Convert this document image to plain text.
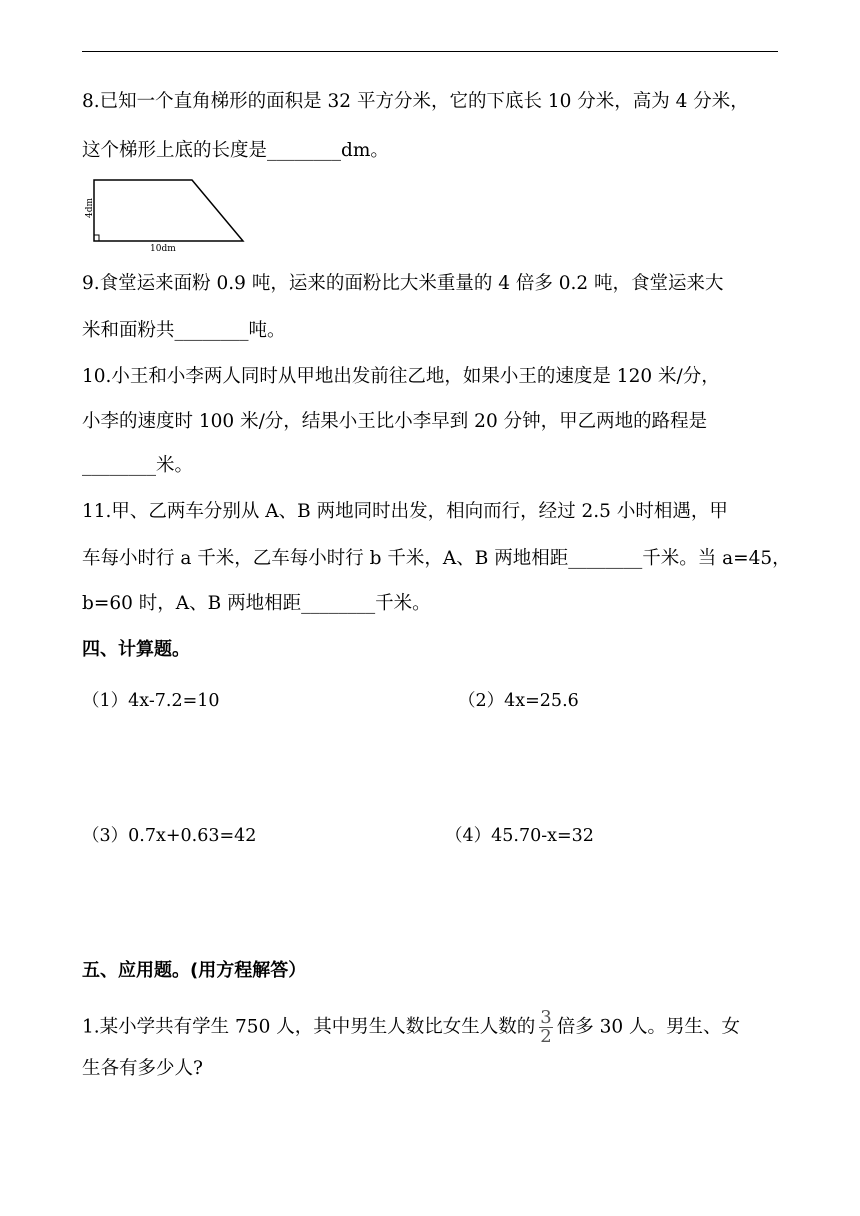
8.已知一个直角梯形的面积是 32 平方分米，它的下底长 10 分米，高为 4 分米，
这个梯形上底的长度是________dm。
4dm
10dm
9.食堂运来面粉 0.9 吨，运来的面粉比大米重量的 4 倍多 0.2 吨，食堂运来大
米和面粉共________吨。
10.小王和小李两人同时从甲地出发前往乙地，如果小王的速度是 120 米/分，
小李的速度时 100 米/分，结果小王比小李早到 20 分钟，甲乙两地的路程是
________米。
11.甲、乙两车分别从 A、B 两地同时出发，相向而行，经过 2.5 小时相遇，甲
车每小时行 a 千米，乙车每小时行 b 千米，A、B 两地相距________千米。当 a=45，
b=60 时，A、B 两地相距________千米。
四、计算题。
（1）4x-7.2=10	（2）4x=25.6
（3）0.7x+0.63=42	（4）45.70-x=32
五、应用题。(用方程解答）
1.某小学共有学生 750 人，其中男生人数比女生人数的 $\frac{3}{2}$ 倍多 30 人。男生、女
生各有多少人?
